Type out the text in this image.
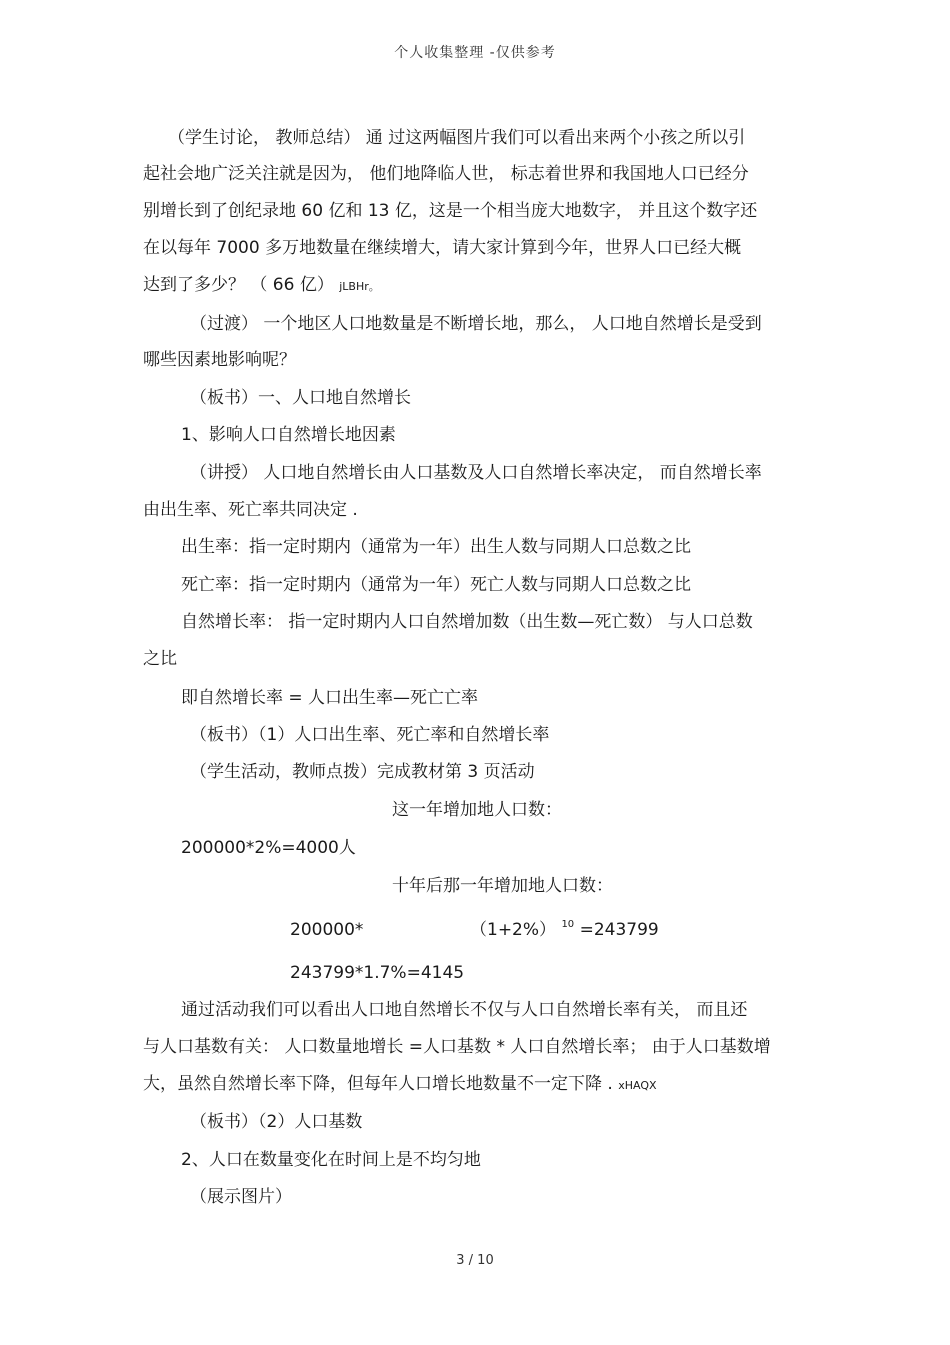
个人收集整理 -仅供参考
（学生讨论， 教师总结） 通 过这两幅图片我们可以看出来两个小孩之所以引
起社会地广泛关注就是因为， 他们地降临人世， 标志着世界和我国地人口已经分
别增长到了创纪录地 60 亿和 13 亿，这是一个相当庞大地数字， 并且这个数字还
在以每年 7000 多万地数量在继续增大，请大家计算到今年，世界人口已经大概
达到了多少？ （ 66 亿） jLBHr。
（过渡） 一个地区人口地数量是不断增长地，那么， 人口地自然增长是受到
哪些因素地影响呢？
（板书）一、人口地自然增长
1、影响人口自然增长地因素
（讲授） 人口地自然增长由人口基数及人口自然增长率决定， 而自然增长率
由出生率、死亡率共同决定 .
出生率：指一定时期内（通常为一年）出生人数与同期人口总数之比
死亡率：指一定时期内（通常为一年）死亡人数与同期人口总数之比
自然增长率： 指一定时期内人口自然增加数（出生数—死亡数） 与人口总数
之比
即自然增长率 = 人口出生率—死亡亡率
（板书）（1）人口出生率、死亡率和自然增长率
（学生活动，教师点拨）完成教材第 3 页活动
这一年增加地人口数：
200000*2%=4000人
十年后那一年增加地人口数：
200000*	（1+2%） $^{10}$ =243799
243799*1.7%=4145
通过活动我们可以看出人口地自然增长不仅与人口自然增长率有关， 而且还
与人口基数有关： 人口数量地增长 =人口基数 * 人口自然增长率； 由于人口基数增
大，虽然自然增长率下降，但每年人口增长地数量不一定下降 . xHAQX
（板书）（2）人口基数
2、人口在数量变化在时间上是不均匀地
（展示图片）
3 / 10
